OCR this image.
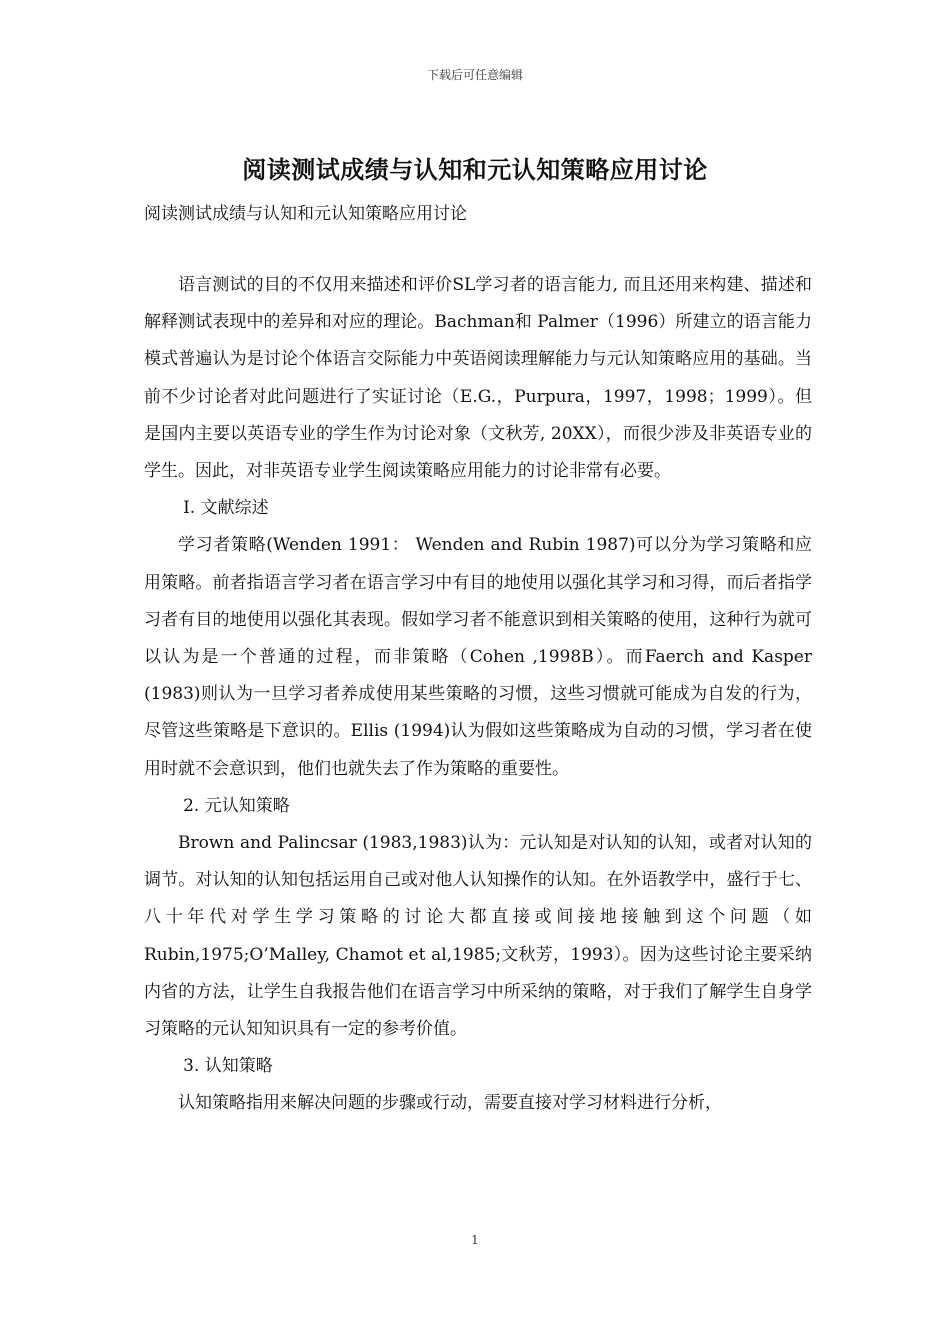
下载后可任意编辑
阅读测试成绩与认知和元认知策略应用讨论
阅读测试成绩与认知和元认知策略应用讨论

语言测试的目的不仅用来描述和评价SL学习者的语言能力, 而且还用来构建、描述和解释测试表现中的差异和对应的理论。Bachman和 Palmer（1996）所建立的语言能力模式普遍认为是讨论个体语言交际能力中英语阅读理解能力与元认知策略应用的基础。当前不少讨论者对此问题进行了实证讨论（E.G.，Purpura，1997，1998；1999）。但是国内主要以英语专业的学生作为讨论对象（文秋芳, 20XX），而很少涉及非英语专业的学生。因此，对非英语专业学生阅读策略应用能力的讨论非常有必要。

I. 文献综述

学习者策略(Wenden 1991： Wenden and Rubin 1987)可以分为学习策略和应用策略。前者指语言学习者在语言学习中有目的地使用以强化其学习和习得，而后者指学习者有目的地使用以强化其表现。假如学习者不能意识到相关策略的使用，这种行为就可以认为是一个普通的过程，而非策略（Cohen ,1998B）。而Faerch and Kasper (1983)则认为一旦学习者养成使用某些策略的习惯，这些习惯就可能成为自发的行为，尽管这些策略是下意识的。Ellis (1994)认为假如这些策略成为自动的习惯，学习者在使用时就不会意识到，他们也就失去了作为策略的重要性。

2. 元认知策略

Brown and Palincsar (1983,1983)认为：元认知是对认知的认知，或者对认知的调节。对认知的认知包括运用自己或对他人认知操作的认知。在外语教学中，盛行于七、八十年代对学生学习策略的讨论大都直接或间接地接触到这个问题（如Rubin,1975;O’Malley, Chamot et al,1985;文秋芳，1993）。因为这些讨论主要采纳内省的方法，让学生自我报告他们在语言学习中所采纳的策略，对于我们了解学生自身学习策略的元认知知识具有一定的参考价值。

3. 认知策略

认知策略指用来解决问题的步骤或行动，需要直接对学习材料进行分析，

1
